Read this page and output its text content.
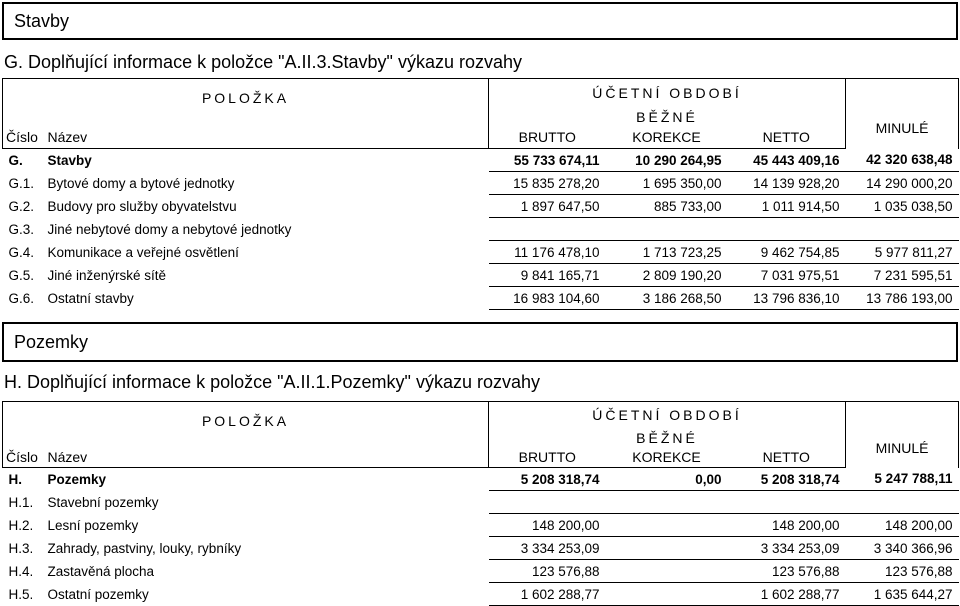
Stavby
G. Doplňující informace k položce "A.II.3.Stavby" výkazu rozvahy
POLOŽKA		ÚČETNÍ OBDOBÍ			
		BĚŽNÉ			MINULÉ
Číslo	Název	BRUTTO	KOREKCE	NETTO	
G.	Stavby	55 733 674,11	10 290 264,95	45 443 409,16	42 320 638,48
G.1.	Bytové domy a bytové jednotky	15 835 278,20	1 695 350,00	14 139 928,20	14 290 000,20
G.2.	Budovy pro služby obyvatelstvu	1 897 647,50	885 733,00	1 011 914,50	1 035 038,50
G.3.	Jiné nebytové domy a nebytové jednotky				
G.4.	Komunikace a veřejné osvětlení	11 176 478,10	1 713 723,25	9 462 754,85	5 977 811,27
G.5.	Jiné inženýrské sítě	9 841 165,71	2 809 190,20	7 031 975,51	7 231 595,51
G.6.	Ostatní stavby	16 983 104,60	3 186 268,50	13 796 836,10	13 786 193,00
Pozemky
H. Doplňující informace k položce "A.II.1.Pozemky" výkazu rozvahy
POLOŽKA		ÚČETNÍ OBDOBÍ			
		BĚŽNÉ			MINULÉ
Číslo	Název	BRUTTO	KOREKCE	NETTO	
H.	Pozemky	5 208 318,74	0,00	5 208 318,74	5 247 788,11
H.1.	Stavební pozemky				
H.2.	Lesní pozemky	148 200,00		148 200,00	148 200,00
H.3.	Zahrady, pastviny, louky, rybníky	3 334 253,09		3 334 253,09	3 340 366,96
H.4.	Zastavěná plocha	123 576,88		123 576,88	123 576,88
H.5.	Ostatní pozemky	1 602 288,77		1 602 288,77	1 635 644,27
